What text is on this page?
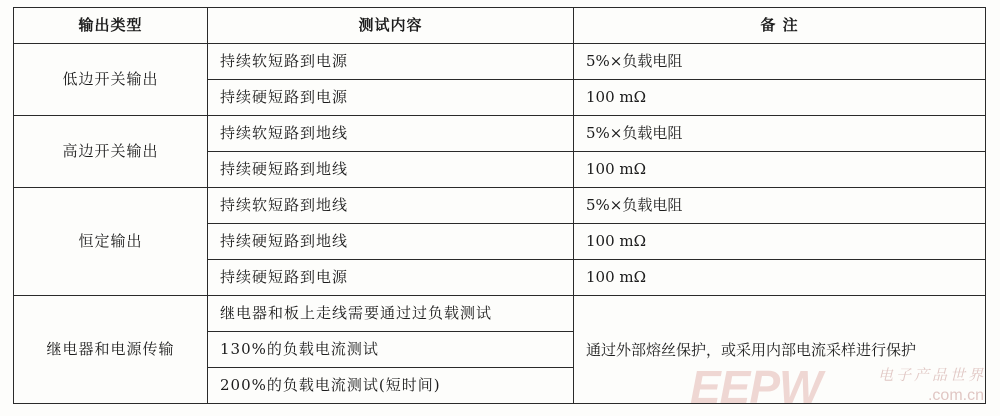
输出类型	测试内容	备 注
低边开关输出	持续软短路到电源	5%×负载电阻
	持续硬短路到电源	100 mΩ
高边开关输出	持续软短路到地线	5%×负载电阻
	持续硬短路到地线	100 mΩ
恒定输出	持续软短路到地线	5%×负载电阻
	持续硬短路到地线	100 mΩ
	持续硬短路到电源	100 mΩ
继电器和电源传输	继电器和板上走线需要通过过负载测试	通过外部熔丝保护，或采用内部电流采样进行保护
	130%的负载电流测试	
	200%的负载电流测试(短时间)		EEPW	电子产品世界
.com.cn
